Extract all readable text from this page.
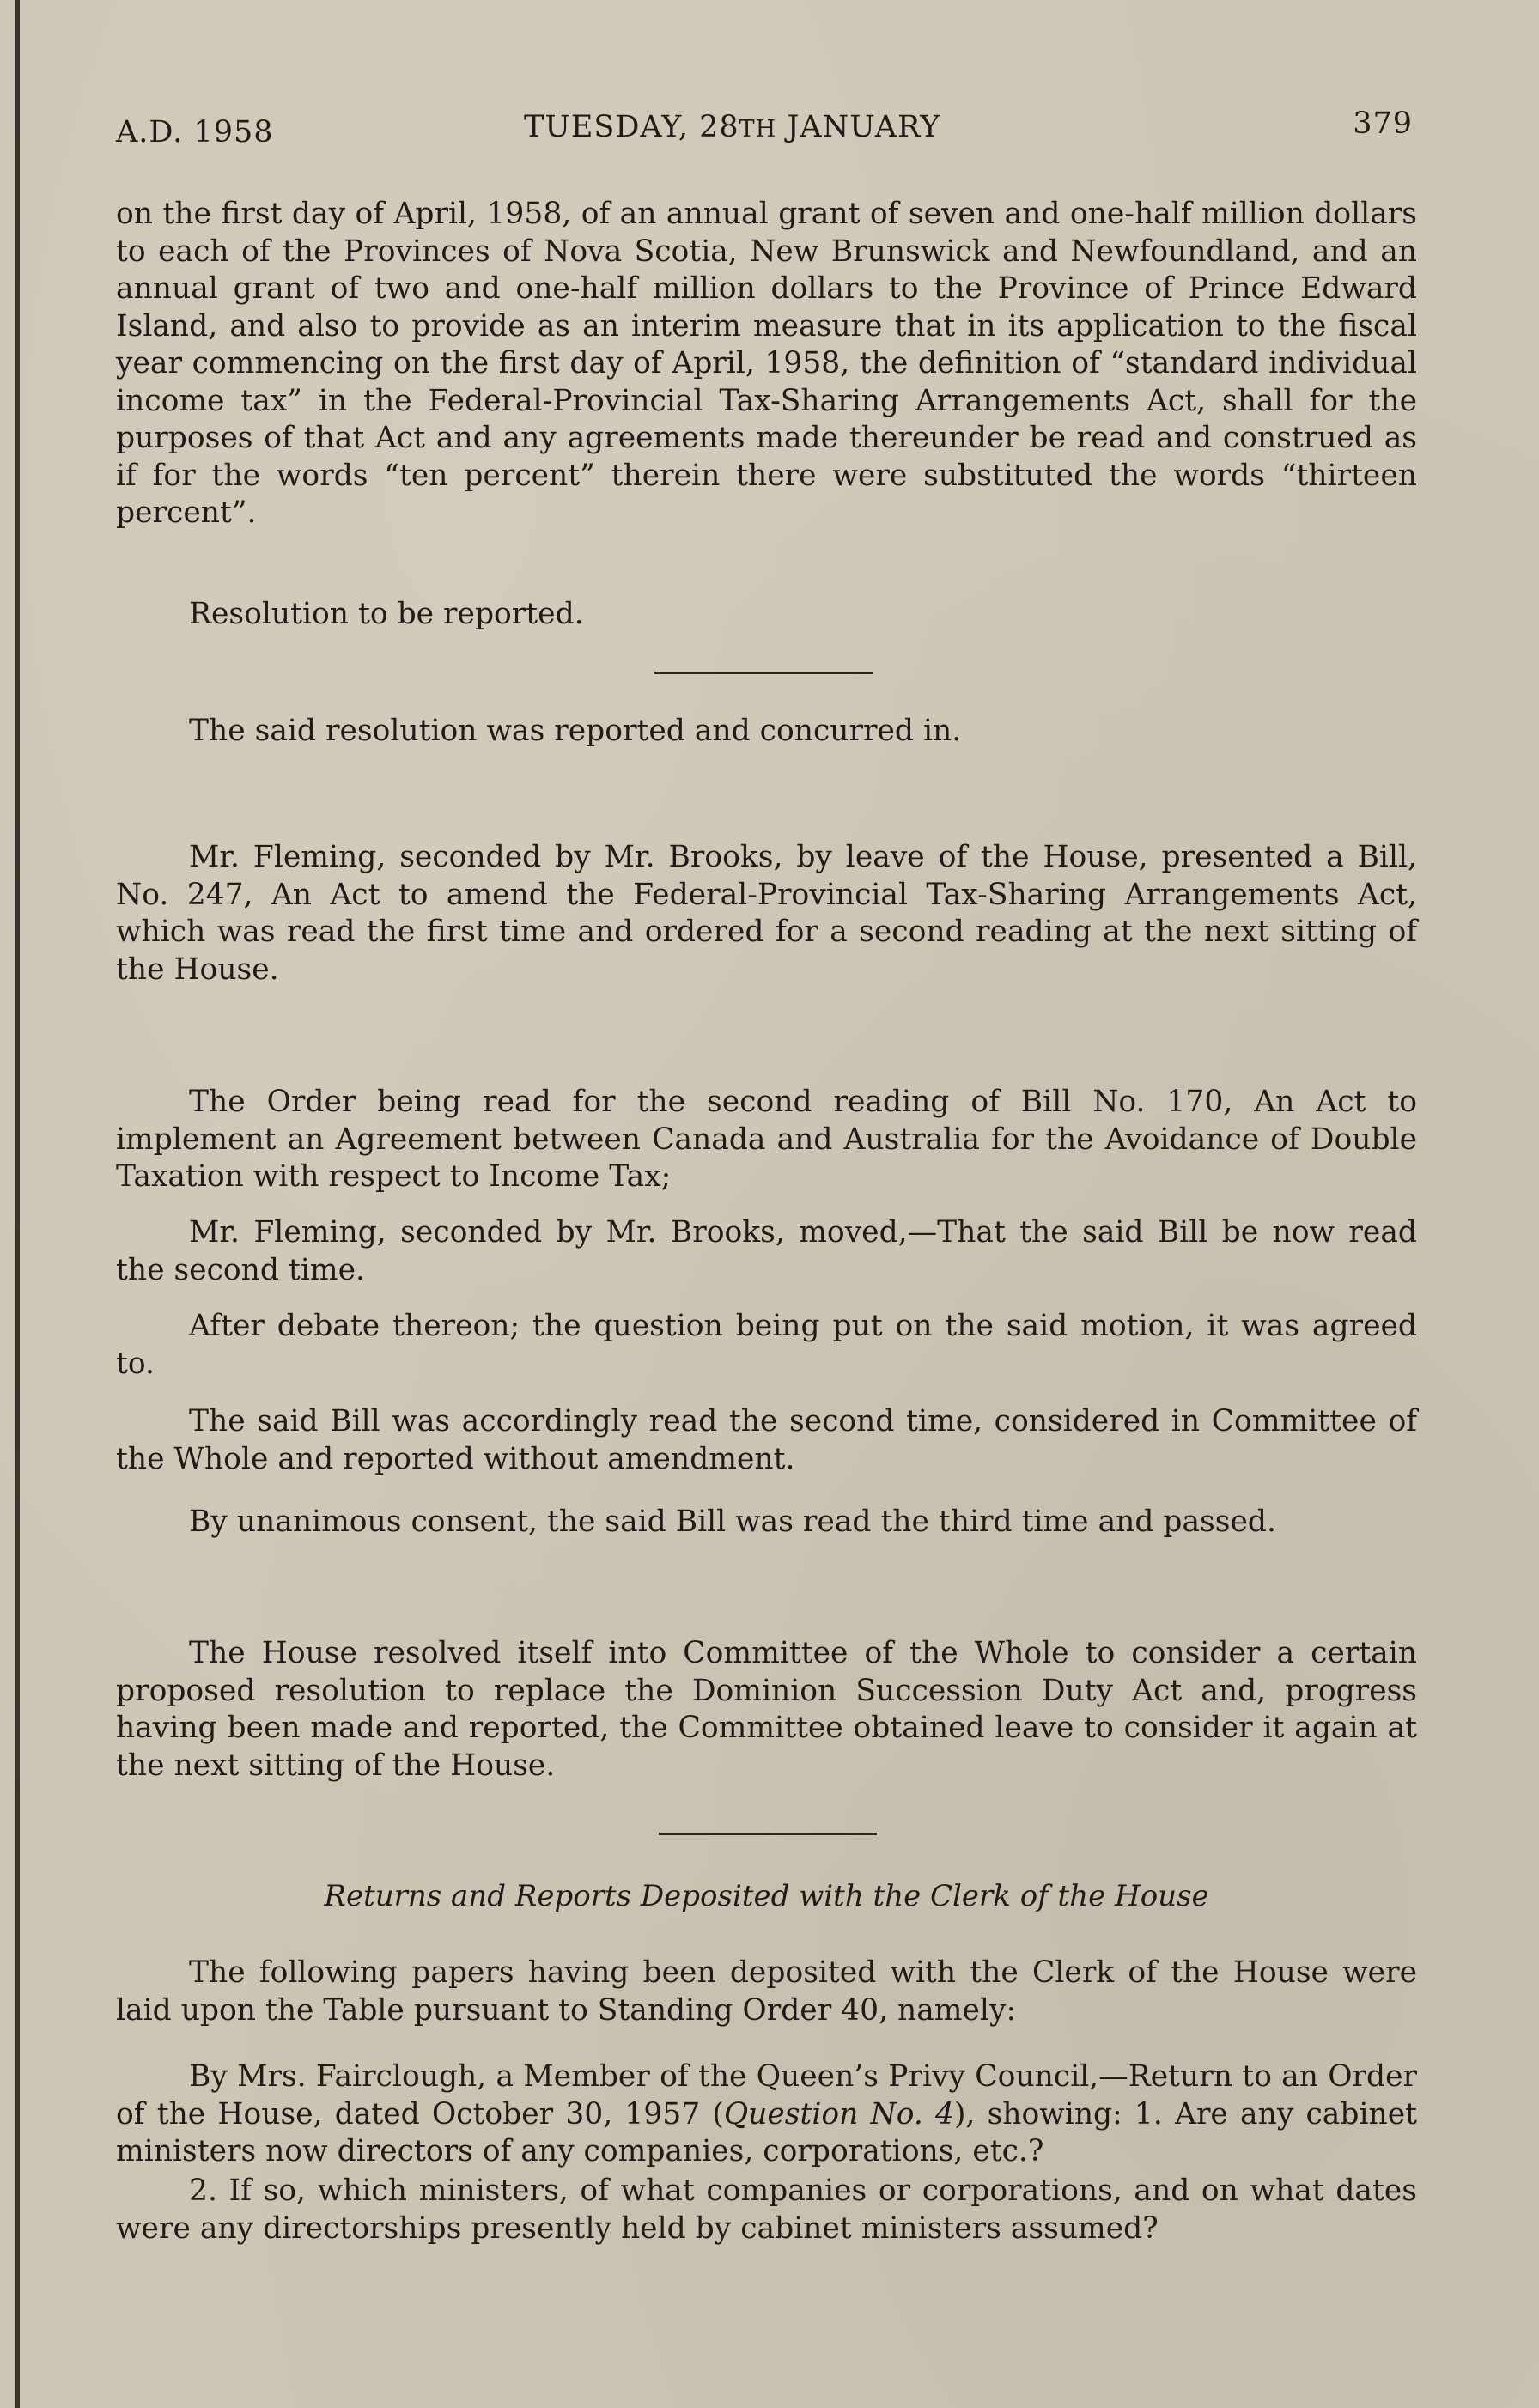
A.D. 1958	TUESDAY, 28TH JANUARY	379

on the first day of April, 1958, of an annual grant of seven and one-half million dollars to each of the Provinces of Nova Scotia, New Brunswick and Newfoundland, and an annual grant of two and one-half million dollars to the Province of Prince Edward Island, and also to provide as an interim measure that in its application to the fiscal year commencing on the first day of April, 1958, the definition of “standard individual income tax” in the Federal-Provincial Tax-Sharing Arrangements Act, shall for the purposes of that Act and any agreements made thereunder be read and construed as if for the words “ten percent” therein there were substituted the words “thirteen percent”.

Resolution to be reported.

The said resolution was reported and concurred in.

Mr. Fleming, seconded by Mr. Brooks, by leave of the House, presented a Bill, No. 247, An Act to amend the Federal-Provincial Tax-Sharing Arrangements Act, which was read the first time and ordered for a second reading at the next sitting of the House.

The Order being read for the second reading of Bill No. 170, An Act to implement an Agreement between Canada and Australia for the Avoidance of Double Taxation with respect to Income Tax;

Mr. Fleming, seconded by Mr. Brooks, moved,—That the said Bill be now read the second time.

After debate thereon; the question being put on the said motion, it was agreed to.

The said Bill was accordingly read the second time, considered in Committee of the Whole and reported without amendment.

By unanimous consent, the said Bill was read the third time and passed.

The House resolved itself into Committee of the Whole to consider a certain proposed resolution to replace the Dominion Succession Duty Act and, progress having been made and reported, the Committee obtained leave to consider it again at the next sitting of the House.

Returns and Reports Deposited with the Clerk of the House

The following papers having been deposited with the Clerk of the House were laid upon the Table pursuant to Standing Order 40, namely:

By Mrs. Fairclough, a Member of the Queen’s Privy Council,—Return to an Order of the House, dated October 30, 1957 (Question No. 4), showing: 1. Are any cabinet ministers now directors of any companies, corporations, etc.?

2. If so, which ministers, of what companies or corporations, and on what dates were any directorships presently held by cabinet ministers assumed?
